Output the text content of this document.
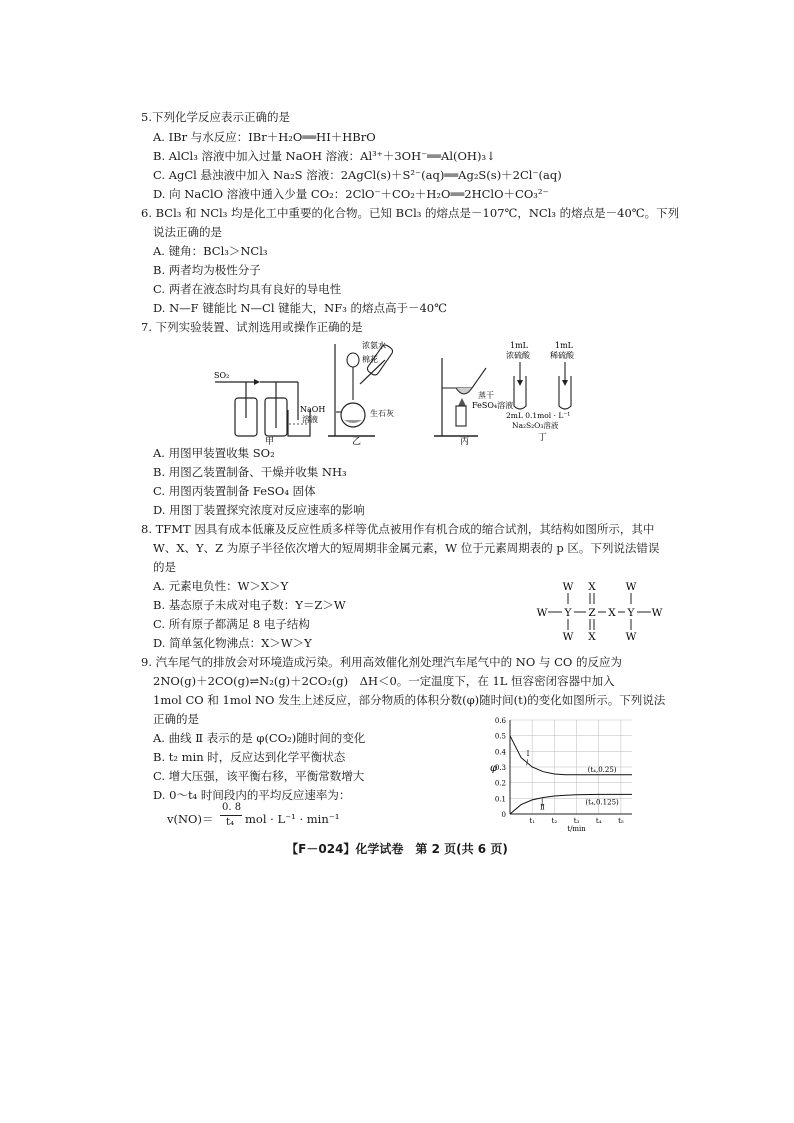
5.下列化学反应表示正确的是
A. IBr 与水反应：IBr＋H₂O══HI＋HBrO
B. AlCl₃ 溶液中加入过量 NaOH 溶液：Al³⁺＋3OH⁻══Al(OH)₃↓
C. AgCl 悬浊液中加入 Na₂S 溶液：2AgCl(s)＋S²⁻(aq)══Ag₂S(s)＋2Cl⁻(aq)
D. 向 NaClO 溶液中通入少量 CO₂：2ClO⁻＋CO₂＋H₂O══2HClO＋CO₃²⁻
6. BCl₃ 和 NCl₃ 均是化工中重要的化合物。已知 BCl₃ 的熔点是－107℃，NCl₃ 的熔点是－40℃。下列
说法正确的是
A. 键角：BCl₃＞NCl₃
B. 两者均为极性分子
C. 两者在液态时均具有良好的导电性
D. N—F 键能比 N—Cl 键能大，NF₃ 的熔点高于－40℃
7. 下列实验装置、试剂选用或操作正确的是
SO₂
NaOH
溶液
甲
浓氨水
棉花
生石灰
乙
蒸干
FeSO₄溶液
丙
1mL
浓硫酸
1mL
稀硫酸
2mL 0.1mol · L⁻¹
Na₂S₂O₃溶液
丁
A. 用图甲装置收集 SO₂
B. 用图乙装置制备、干燥并收集 NH₃
C. 用图丙装置制备 FeSO₄ 固体
D. 用图丁装置探究浓度对反应速率的影响
8. TFMT 因具有成本低廉及反应性质多样等优点被用作有机合成的缩合试剂，其结构如图所示，其中
W、X、Y、Z 为原子半径依次增大的短周期非金属元素，W 位于元素周期表的 p 区。下列说法错误
的是
A. 元素电负性：W＞X＞Y
B. 基态原子未成对电子数：Y＝Z＞W
C. 所有原子都满足 8 电子结构
D. 简单氢化物沸点：X＞W＞Y
W X	W
W Y Z X Y W
W X	W
9. 汽车尾气的排放会对环境造成污染。利用高效催化剂处理汽车尾气中的 NO 与 CO 的反应为
2NO(g)＋2CO(g)⇌N₂(g)＋2CO₂(g)　ΔH＜0。一定温度下，在 1L 恒容密闭容器中加入
1mol CO 和 1mol NO 发生上述反应，部分物质的体积分数(φ)随时间(t)的变化如图所示。下列说法
正确的是
A. 曲线 Ⅱ 表示的是 φ(CO₂)随时间的变化
B. t₂ min 时，反应达到化学平衡状态
C. 增大压强，该平衡右移，平衡常数增大
D. 0～t₄ 时间段内的平均反应速率为：
v(NO)＝
0. 8
t₄ mol · L⁻¹ · min⁻¹	0
0.1
0.2
0.3
0.4
0.5
0.6
t₁ t₂ t₃ t₄ t₅
t/min
φ
Ⅰ
Ⅱ
(t₄,0.25)
(t₄,0.125)
【F－024】化学试卷　第 2 页(共 6 页)
